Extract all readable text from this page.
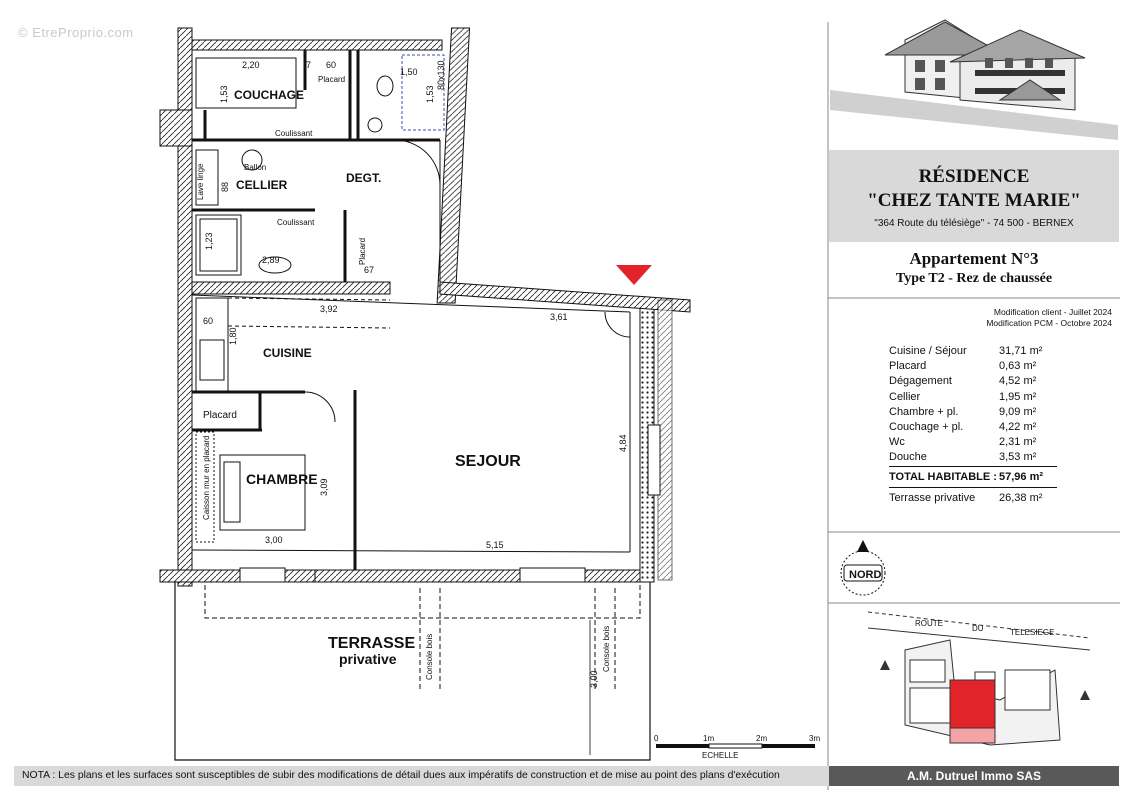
© EtreProprio.com
COUCHAGE
CELLIER	DEGT.
CUISINE
Placard
CHAMBRE
SEJOUR
TERRASSE
privative
Ballon
Lave linge
Coulissant
Coulissant
Placard
Placard
Caisson mur en placard
Console bois	Console bois
2,20	7 60
1,50 80x130
1,53	1,53
88
1,23
2,89
67
3,92
3,61
60
1,80
4,84
3,09
3,00	5,15
3,00
0	1m	2m	3m
ECHELLE
NORD
ROUTE
DU	TELESIEGE
RÉSIDENCE
"CHEZ TANTE MARIE"
"364 Route du télésiège" - 74 500 - BERNEX
Appartement N°3
Type T2 - Rez de chaussée
Modification client - Juillet 2024
Modification PCM - Octobre 2024
Cuisine / Séjour	31,71 m²
Placard	0,63 m²
Dégagement	4,52 m²
Cellier	1,95 m²
Chambre + pl.	9,09 m²
Couchage + pl.	4,22 m²
Wc	2,31 m²
Douche	3,53 m²
TOTAL HABITABLE : 57,96 m²
Terrasse privative 26,38 m²
NOTA : Les plans et les surfaces sont susceptibles de subir des modifications de détail dues aux impératifs de construction et de mise au point des plans d'exécution	A.M. Dutruel Immo SAS
